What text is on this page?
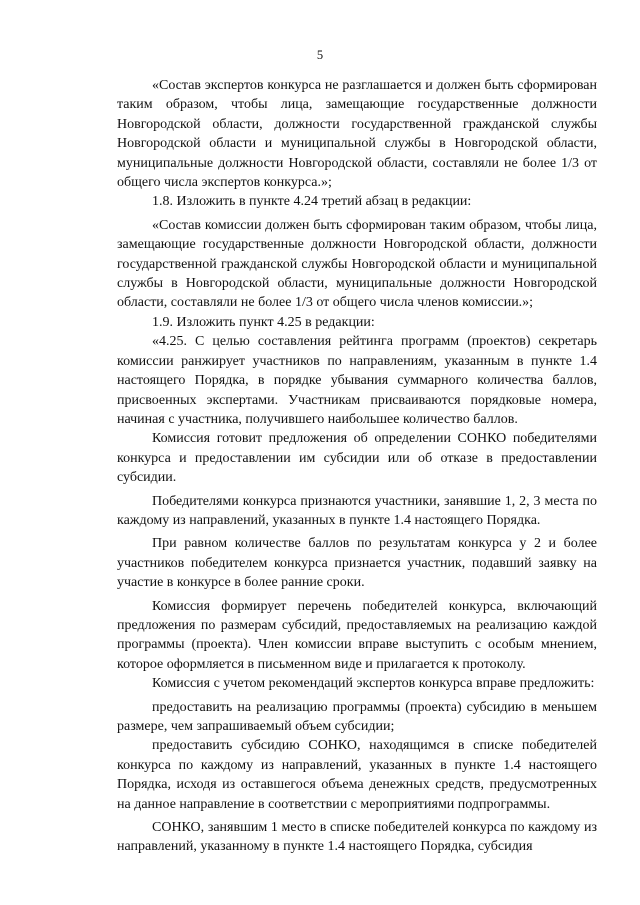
5

«Состав экспертов конкурса не разглашается и должен быть сформирован таким образом, чтобы лица, замещающие государственные должности Новгородской области, должности государственной гражданской службы Новгородской области и муниципальной службы в Новгородской области, муниципальные должности Новгородской области, составляли не более 1/3 от общего числа экспертов конкурса.»;

1.8. Изложить в пункте 4.24 третий абзац в редакции:

«Состав комиссии должен быть сформирован таким образом, чтобы лица, замещающие государственные должности Новгородской области, должности государственной гражданской службы Новгородской области и муниципальной службы в Новгородской области, муниципальные должности Новгородской области, составляли не более 1/3 от общего числа членов комиссии.»;

1.9. Изложить пункт 4.25 в редакции:

«4.25. С целью составления рейтинга программ (проектов) секретарь комиссии ранжирует участников по направлениям, указанным в пункте 1.4 настоящего Порядка, в порядке убывания суммарного количества баллов, присвоенных экспертами. Участникам присваиваются порядковые номера, начиная с участника, получившего наибольшее количество баллов.

Комиссия готовит предложения об определении СОНКО победителями конкурса и предоставлении им субсидии или об отказе в предоставлении субсидии.

Победителями конкурса признаются участники, занявшие 1, 2, 3 места по каждому из направлений, указанных в пункте 1.4 настоящего Порядка.

При равном количестве баллов по результатам конкурса у 2 и более участников победителем конкурса признается участник, подавший заявку на участие в конкурсе в более ранние сроки.

Комиссия формирует перечень победителей конкурса, включающий предложения по размерам субсидий, предоставляемых на реализацию каждой программы (проекта). Член комиссии вправе выступить с особым мнением, которое оформляется в письменном виде и прилагается к протоколу.

Комиссия с учетом рекомендаций экспертов конкурса вправе предложить:

предоставить на реализацию программы (проекта) субсидию в меньшем размере, чем запрашиваемый объем субсидии;

предоставить субсидию СОНКО, находящимся в списке победителей конкурса по каждому из направлений, указанных в пункте 1.4 настоящего Порядка, исходя из оставшегося объема денежных средств, предусмотренных на данное направление в соответствии с мероприятиями подпрограммы.

СОНКО, занявшим 1 место в списке победителей конкурса по каждому из направлений, указанному в пункте 1.4 настоящего Порядка, субсидия
